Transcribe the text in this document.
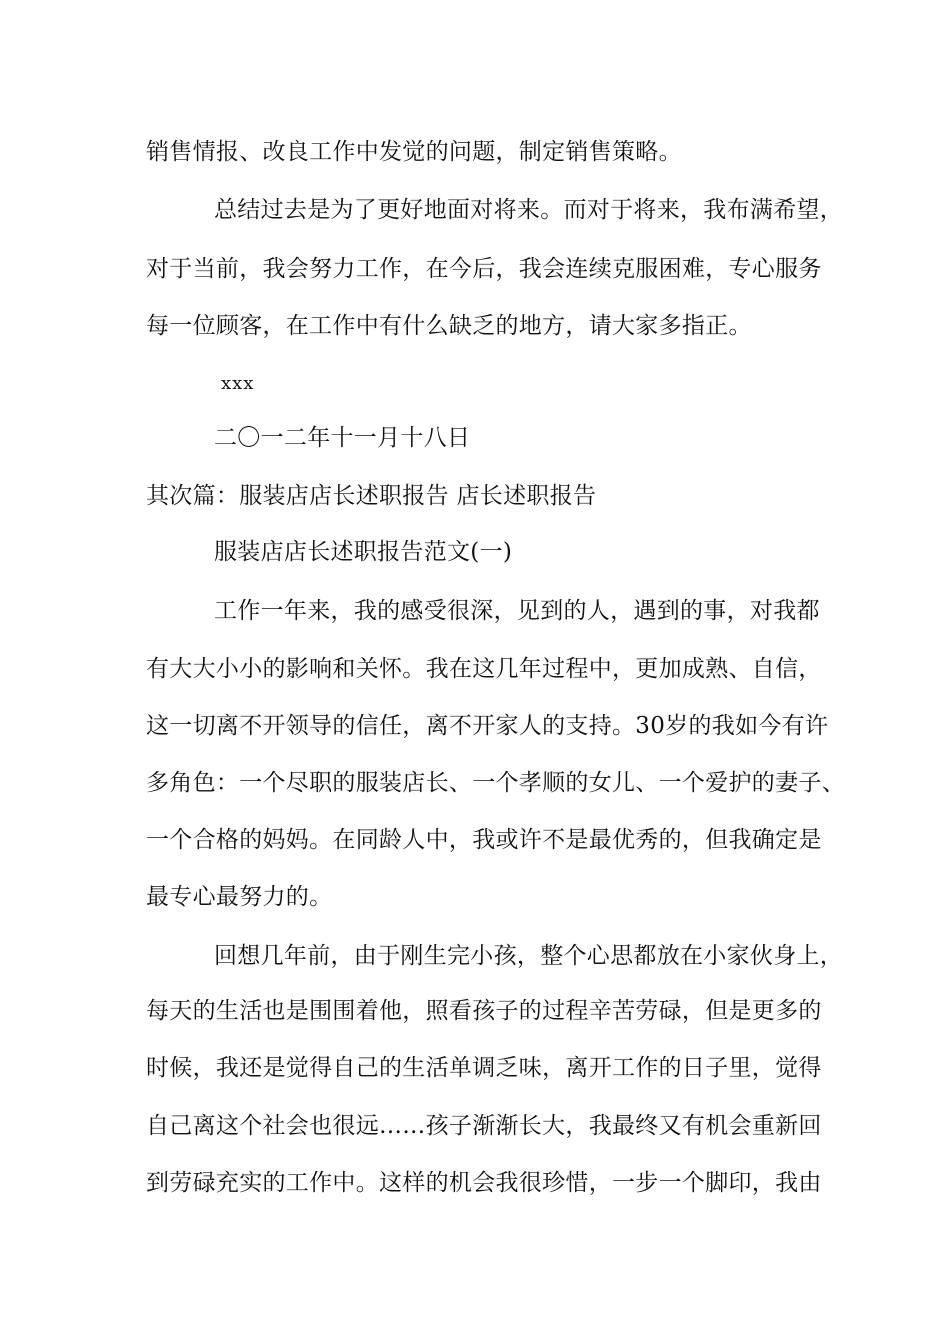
销售情报、改良工作中发觉的问题，制定销售策略。
总结过去是为了更好地面对将来。而对于将来，我布满希望，
对于当前，我会努力工作，在今后，我会连续克服困难，专心服务
每一位顾客，在工作中有什么缺乏的地方，请大家多指正。
xxx
二〇一二年十一月十八日
其次篇：服装店店长述职报告 店长述职报告
服装店店长述职报告范文(一)
工作一年来，我的感受很深，见到的人，遇到的事，对我都
有大大小小的影响和关怀。我在这几年过程中，更加成熟、自信，
这一切离不开领导的信任，离不开家人的支持。30岁的我如今有许
多角色：一个尽职的服装店长、一个孝顺的女儿、一个爱护的妻子、
一个合格的妈妈。在同龄人中，我或许不是最优秀的，但我确定是
最专心最努力的。
回想几年前，由于刚生完小孩，整个心思都放在小家伙身上，
每天的生活也是围围着他，照看孩子的过程辛苦劳碌，但是更多的
时候，我还是觉得自己的生活单调乏味，离开工作的日子里，觉得
自己离这个社会也很远……孩子渐渐长大，我最终又有机会重新回
到劳碌充实的工作中。这样的机会我很珍惜，一步一个脚印，我由
